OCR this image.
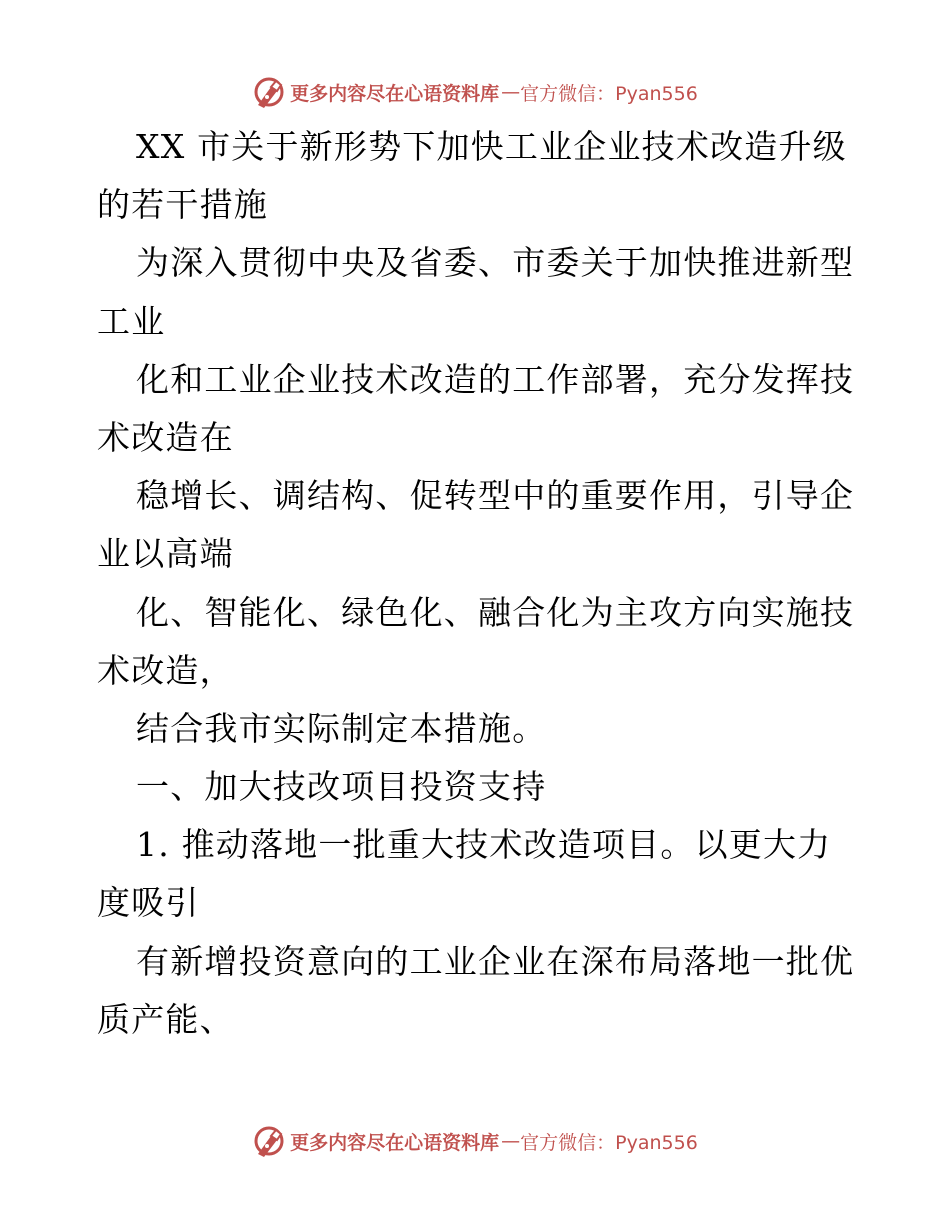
更多内容尽在心语资料库 — 官方微信：Pyan556
XX 市关于新形势下加快工业企业技术改造升级
的若干措施
为深入贯彻中央及省委、市委关于加快推进新型
工业
化和工业企业技术改造的工作部署，充分发挥技
术改造在
稳增长、调结构、促转型中的重要作用，引导企
业以高端
化、智能化、绿色化、融合化为主攻方向实施技
术改造，
结合我市实际制定本措施。
一、加大技改项目投资支持
1. 推动落地一批重大技术改造项目。以更大力
度吸引
有新增投资意向的工业企业在深布局落地一批优
质产能、
更多内容尽在心语资料库 — 官方微信：Pyan556
